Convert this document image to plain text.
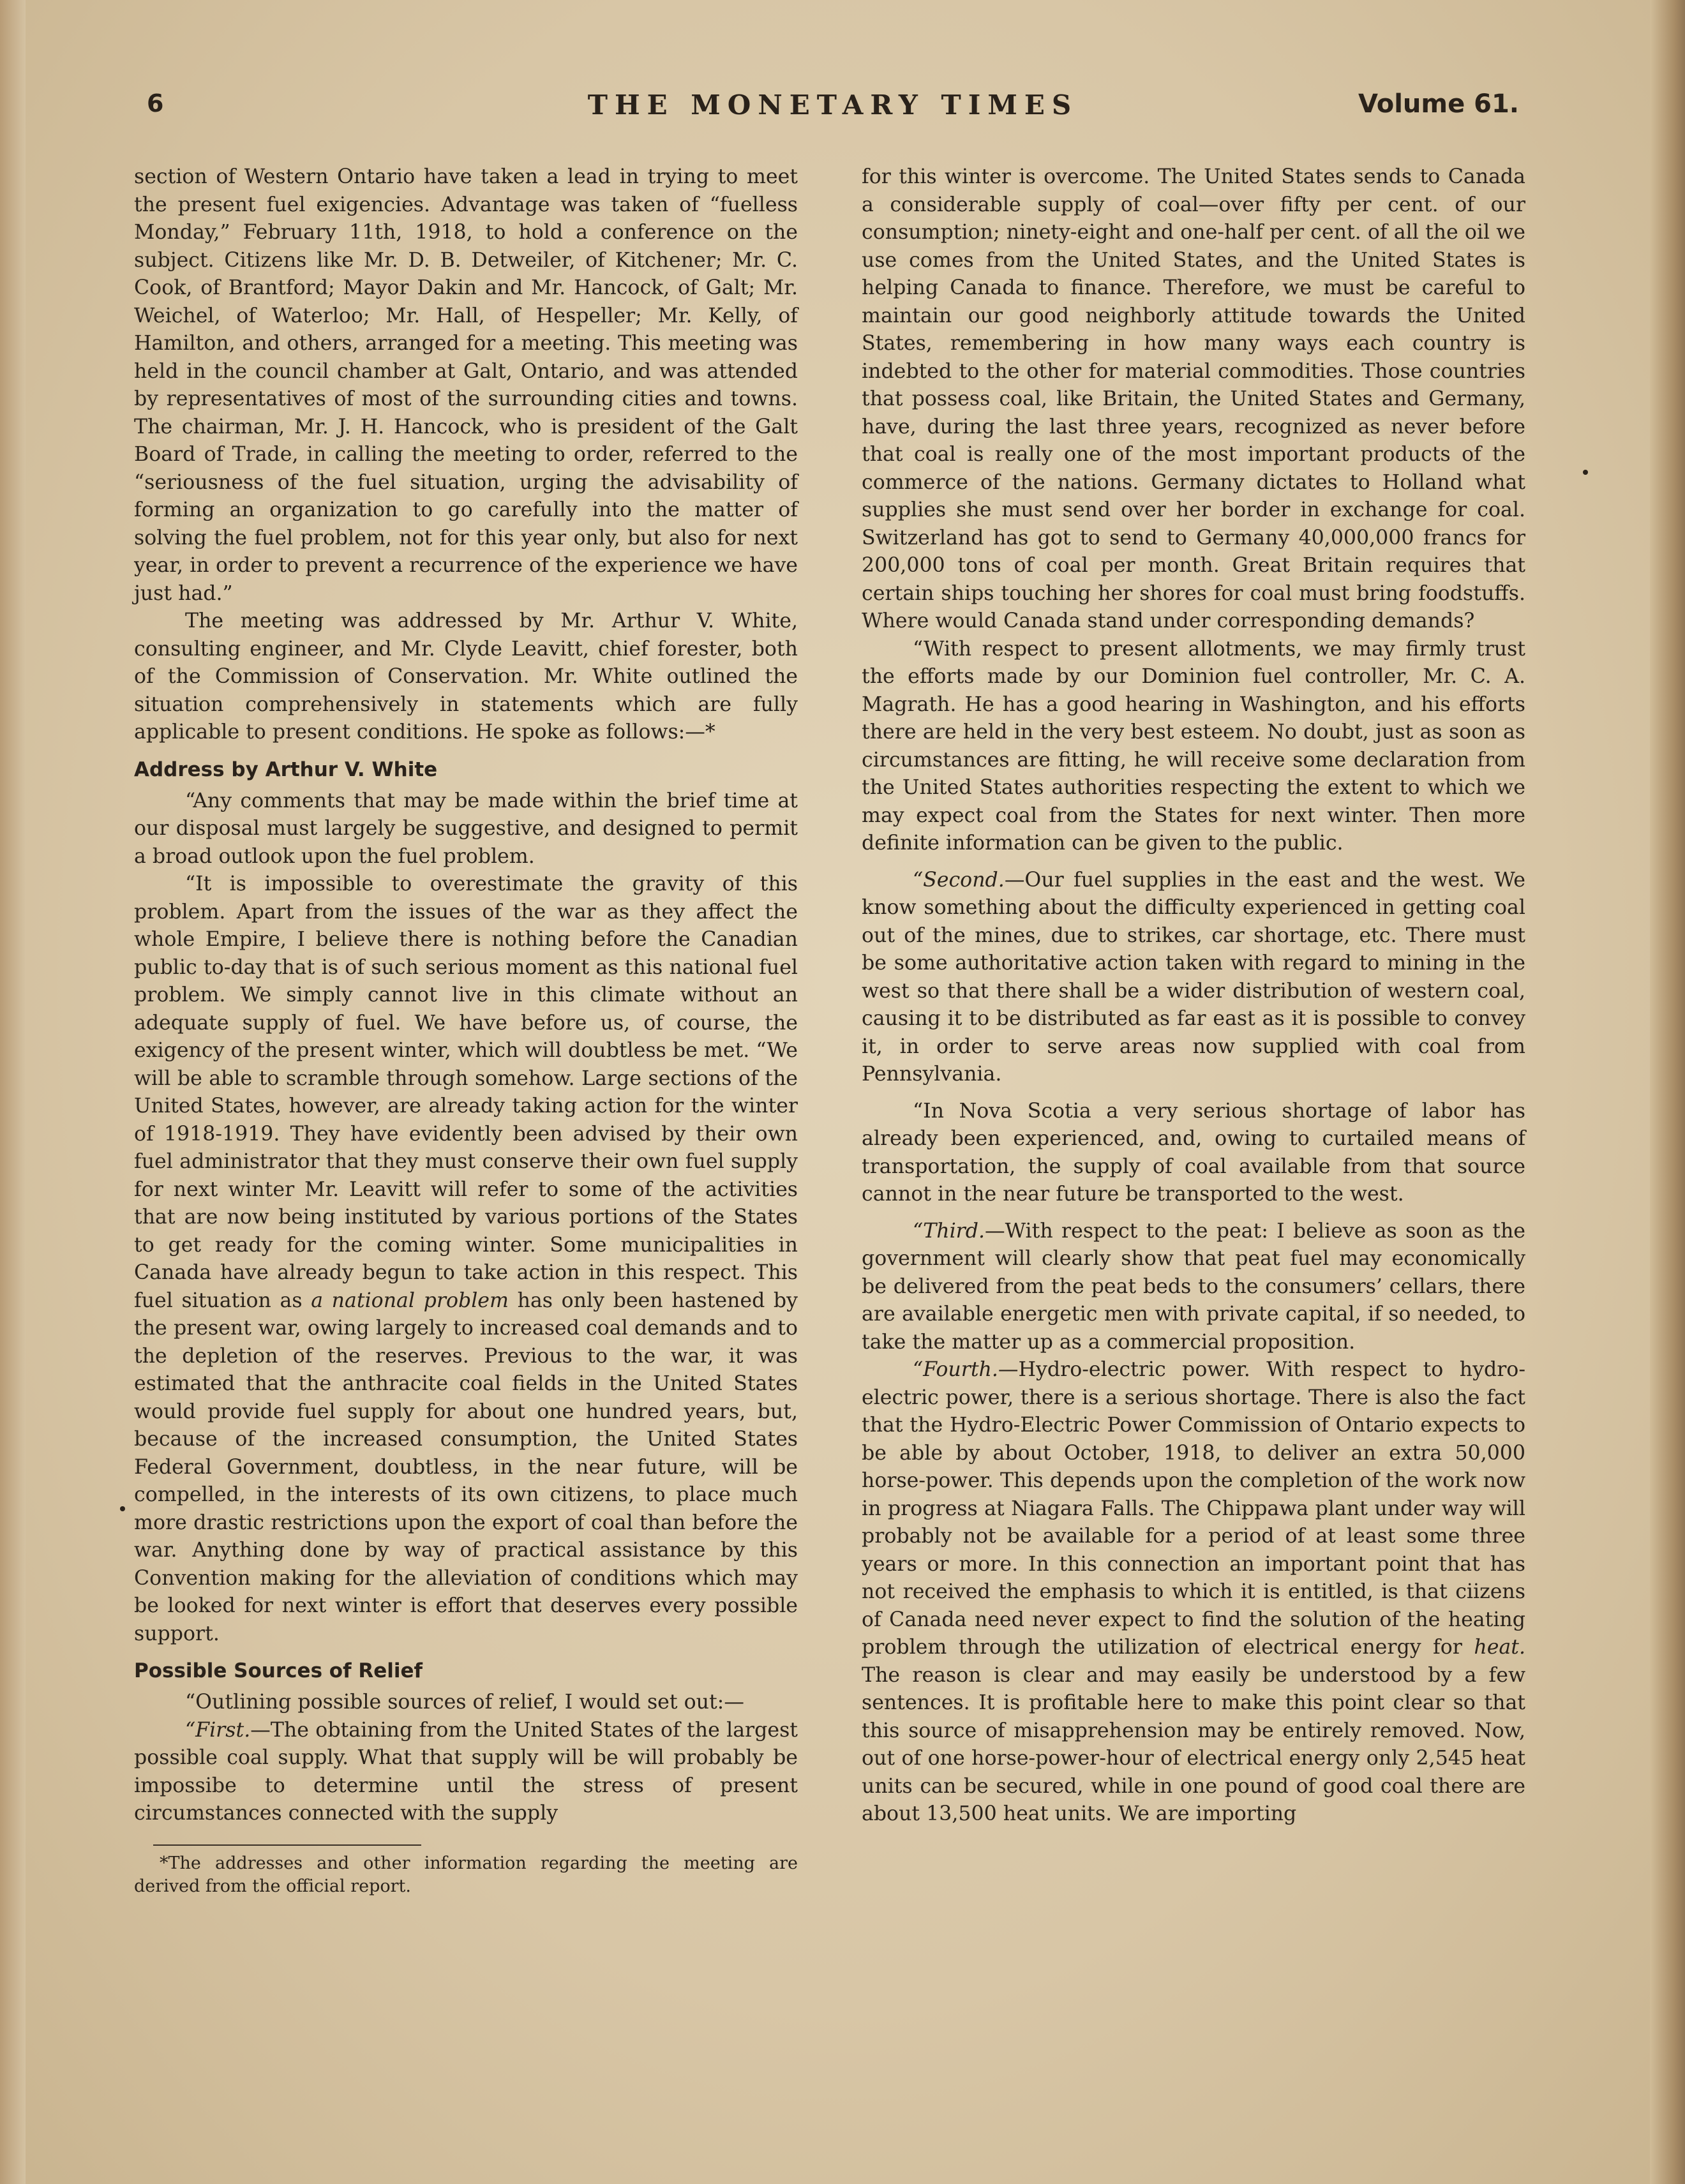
6	THE MONETARY TIMES	Volume 61.

section of Western Ontario have taken a lead in trying to meet the present fuel exigencies. Advantage was taken of “fuelless Monday,” February 11th, 1918, to hold a conference on the subject. Citizens like Mr. D. B. Detweiler, of Kitchener; Mr. C. Cook, of Brantford; Mayor Dakin and Mr. Hancock, of Galt; Mr. Weichel, of Waterloo; Mr. Hall, of Hespeller; Mr. Kelly, of Hamilton, and others, arranged for a meeting. This meeting was held in the council chamber at Galt, Ontario, and was attended by representatives of most of the surrounding cities and towns. The chairman, Mr. J. H. Hancock, who is president of the Galt Board of Trade, in calling the meeting to order, referred to the “seriousness of the fuel situation, urging the advisability of forming an organization to go carefully into the matter of solving the fuel problem, not for this year only, but also for next year, in order to prevent a recurrence of the experience we have just had.”

The meeting was addressed by Mr. Arthur V. White, consulting engineer, and Mr. Clyde Leavitt, chief forester, both of the Commission of Conservation. Mr. White outlined the situation comprehensively in statements which are fully applicable to present conditions. He spoke as follows:—*

Address by Arthur V. White

“Any comments that may be made within the brief time at our disposal must largely be suggestive, and designed to permit a broad outlook upon the fuel problem.

“It is impossible to overestimate the gravity of this problem. Apart from the issues of the war as they affect the whole Empire, I believe there is nothing before the Canadian public to-day that is of such serious moment as this national fuel problem. We simply cannot live in this climate without an adequate supply of fuel. We have before us, of course, the exigency of the present winter, which will doubtless be met. “We will be able to scramble through somehow. Large sections of the United States, however, are already taking action for the winter of 1918-1919. They have evidently been advised by their own fuel administrator that they must conserve their own fuel supply for next winter Mr. Leavitt will refer to some of the activities that are now being instituted by various portions of the States to get ready for the coming winter. Some municipalities in Canada have already begun to take action in this respect. This fuel situation as a national problem has only been hastened by the present war, owing largely to increased coal demands and to the depletion of the reserves. Previous to the war, it was estimated that the anthracite coal fields in the United States would provide fuel supply for about one hundred years, but, because of the increased consumption, the United States Federal Government, doubtless, in the near future, will be compelled, in the interests of its own citizens, to place much more drastic restrictions upon the export of coal than before the war. Anything done by way of practical assistance by this Convention making for the alleviation of conditions which may be looked for next winter is effort that deserves every possible support.

Possible Sources of Relief

“Outlining possible sources of relief, I would set out:—

“First.—The obtaining from the United States of the largest possible coal supply. What that supply will be will probably be impossibe to determine until the stress of present circumstances connected with the supply

*The addresses and other information regarding the meeting are derived from the official report.

for this winter is overcome. The United States sends to Canada a considerable supply of coal—over fifty per cent. of our consumption; ninety-eight and one-half per cent. of all the oil we use comes from the United States, and the United States is helping Canada to finance. Therefore, we must be careful to maintain our good neighborly attitude towards the United States, remembering in how many ways each country is indebted to the other for material commodities. Those countries that possess coal, like Britain, the United States and Germany, have, during the last three years, recognized as never before that coal is really one of the most important products of the commerce of the nations. Germany dictates to Holland what supplies she must send over her border in exchange for coal. Switzerland has got to send to Germany 40,000,000 francs for 200,000 tons of coal per month. Great Britain requires that certain ships touching her shores for coal must bring foodstuffs. Where would Canada stand under corresponding demands?

“With respect to present allotments, we may firmly trust the efforts made by our Dominion fuel controller, Mr. C. A. Magrath. He has a good hearing in Washington, and his efforts there are held in the very best esteem. No doubt, just as soon as circumstances are fitting, he will receive some declaration from the United States authorities respecting the extent to which we may expect coal from the States for next winter. Then more definite information can be given to the public.

“Second.—Our fuel supplies in the east and the west. We know something about the difficulty experienced in getting coal out of the mines, due to strikes, car shortage, etc. There must be some authoritative action taken with regard to mining in the west so that there shall be a wider distribution of western coal, causing it to be distributed as far east as it is possible to convey it, in order to serve areas now supplied with coal from Pennsylvania.

“In Nova Scotia a very serious shortage of labor has already been experienced, and, owing to curtailed means of transportation, the supply of coal available from that source cannot in the near future be transported to the west.

“Third.—With respect to the peat: I believe as soon as the government will clearly show that peat fuel may economically be delivered from the peat beds to the consumers’ cellars, there are available energetic men with private capital, if so needed, to take the matter up as a commercial proposition.

“Fourth.—Hydro-electric power. With respect to hydro-electric power, there is a serious shortage. There is also the fact that the Hydro-Electric Power Commission of Ontario expects to be able by about October, 1918, to deliver an extra 50,000 horse-power. This depends upon the completion of the work now in progress at Niagara Falls. The Chippawa plant under way will probably not be available for a period of at least some three years or more. In this connection an important point that has not received the emphasis to which it is entitled, is that ciizens of Canada need never expect to find the solution of the heating problem through the utilization of electrical energy for heat. The reason is clear and may easily be understood by a few sentences. It is profitable here to make this point clear so that this source of misapprehension may be entirely removed. Now, out of one horse-power-hour of electrical energy only 2,545 heat units can be secured, while in one pound of good coal there are about 13,500 heat units. We are importing
